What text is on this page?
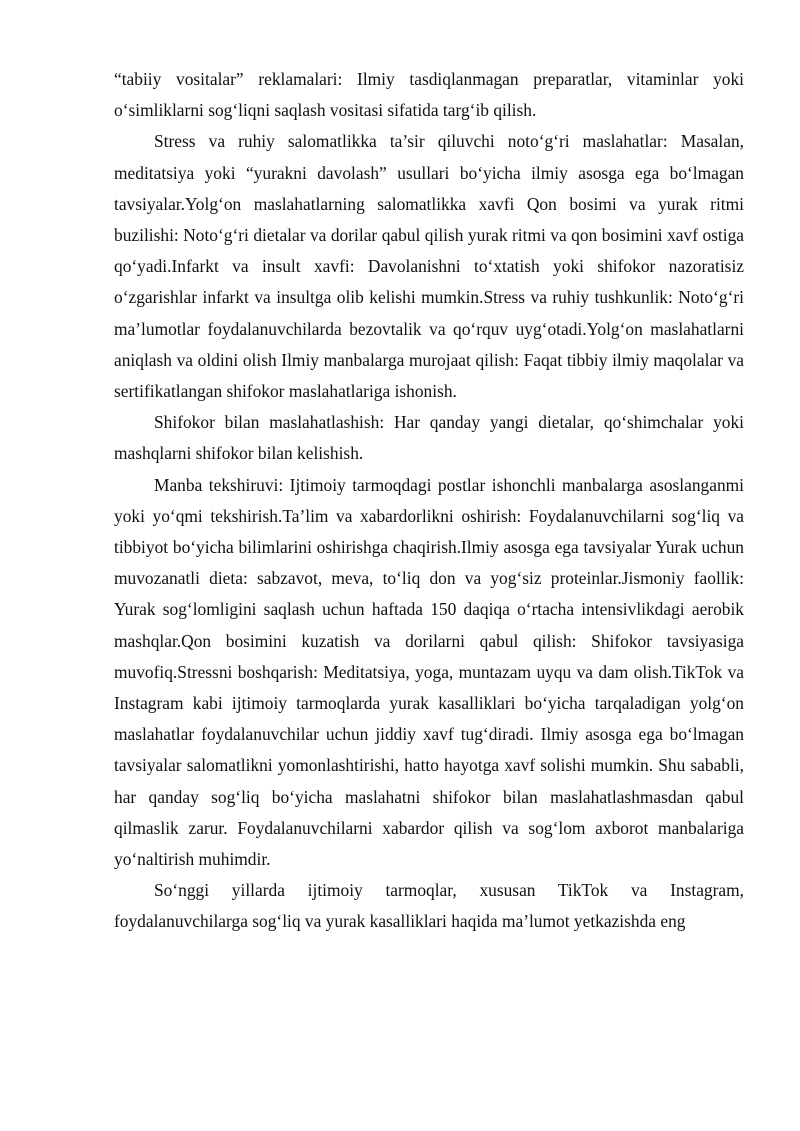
“tabiiy vositalar” reklamalari: Ilmiy tasdiqlanmagan preparatlar, vitaminlar yoki o‘simliklarni sog‘liqni saqlash vositasi sifatida targ‘ib qilish.

Stress va ruhiy salomatlikka ta’sir qiluvchi noto‘g‘ri maslahatlar: Masalan, meditatsiya yoki “yurakni davolash” usullari bo‘yicha ilmiy asosga ega bo‘lmagan tavsiyalar.Yolg‘on maslahatlarning salomatlikka xavfi Qon bosimi va yurak ritmi buzilishi: Noto‘g‘ri dietalar va dorilar qabul qilish yurak ritmi va qon bosimini xavf ostiga qo‘yadi.Infarkt va insult xavfi: Davolanishni to‘xtatish yoki shifokor nazoratisiz o‘zgarishlar infarkt va insultga olib kelishi mumkin.Stress va ruhiy tushkunlik: Noto‘g‘ri ma’lumotlar foydalanuvchilarda bezovtalik va qo‘rquv uyg‘otadi.Yolg‘on maslahatlarni aniqlash va oldini olish Ilmiy manbalarga murojaat qilish: Faqat tibbiy ilmiy maqolalar va sertifikatlangan shifokor maslahatlariga ishonish.

Shifokor bilan maslahatlashish: Har qanday yangi dietalar, qo‘shimchalar yoki mashqlarni shifokor bilan kelishish.

Manba tekshiruvi: Ijtimoiy tarmoqdagi postlar ishonchli manbalarga asoslanganmi yoki yo‘qmi tekshirish.Ta’lim va xabardorlikni oshirish: Foydalanuvchilarni sog‘liq va tibbiyot bo‘yicha bilimlarini oshirishga chaqirish.Ilmiy asosga ega tavsiyalar Yurak uchun muvozanatli dieta: sabzavot, meva, to‘liq don va yog‘siz proteinlar.Jismoniy faollik: Yurak sog‘lomligini saqlash uchun haftada 150 daqiqa o‘rtacha intensivlikdagi aerobik mashqlar.Qon bosimini kuzatish va dorilarni qabul qilish: Shifokor tavsiyasiga muvofiq.Stressni boshqarish: Meditatsiya, yoga, muntazam uyqu va dam olish.TikTok va Instagram kabi ijtimoiy tarmoqlarda yurak kasalliklari bo‘yicha tarqaladigan yolg‘on maslahatlar foydalanuvchilar uchun jiddiy xavf tug‘diradi. Ilmiy asosga ega bo‘lmagan tavsiyalar salomatlikni yomonlashtirishi, hatto hayotga xavf solishi mumkin. Shu sababli, har qanday sog‘liq bo‘yicha maslahatni shifokor bilan maslahatlashmasdan qabul qilmaslik zarur. Foydalanuvchilarni xabardor qilish va sog‘lom axborot manbalariga yo‘naltirish muhimdir.

So‘nggi yillarda ijtimoiy tarmoqlar, xususan TikTok va Instagram, foydalanuvchilarga sog‘liq va yurak kasalliklari haqida ma’lumot yetkazishda eng
